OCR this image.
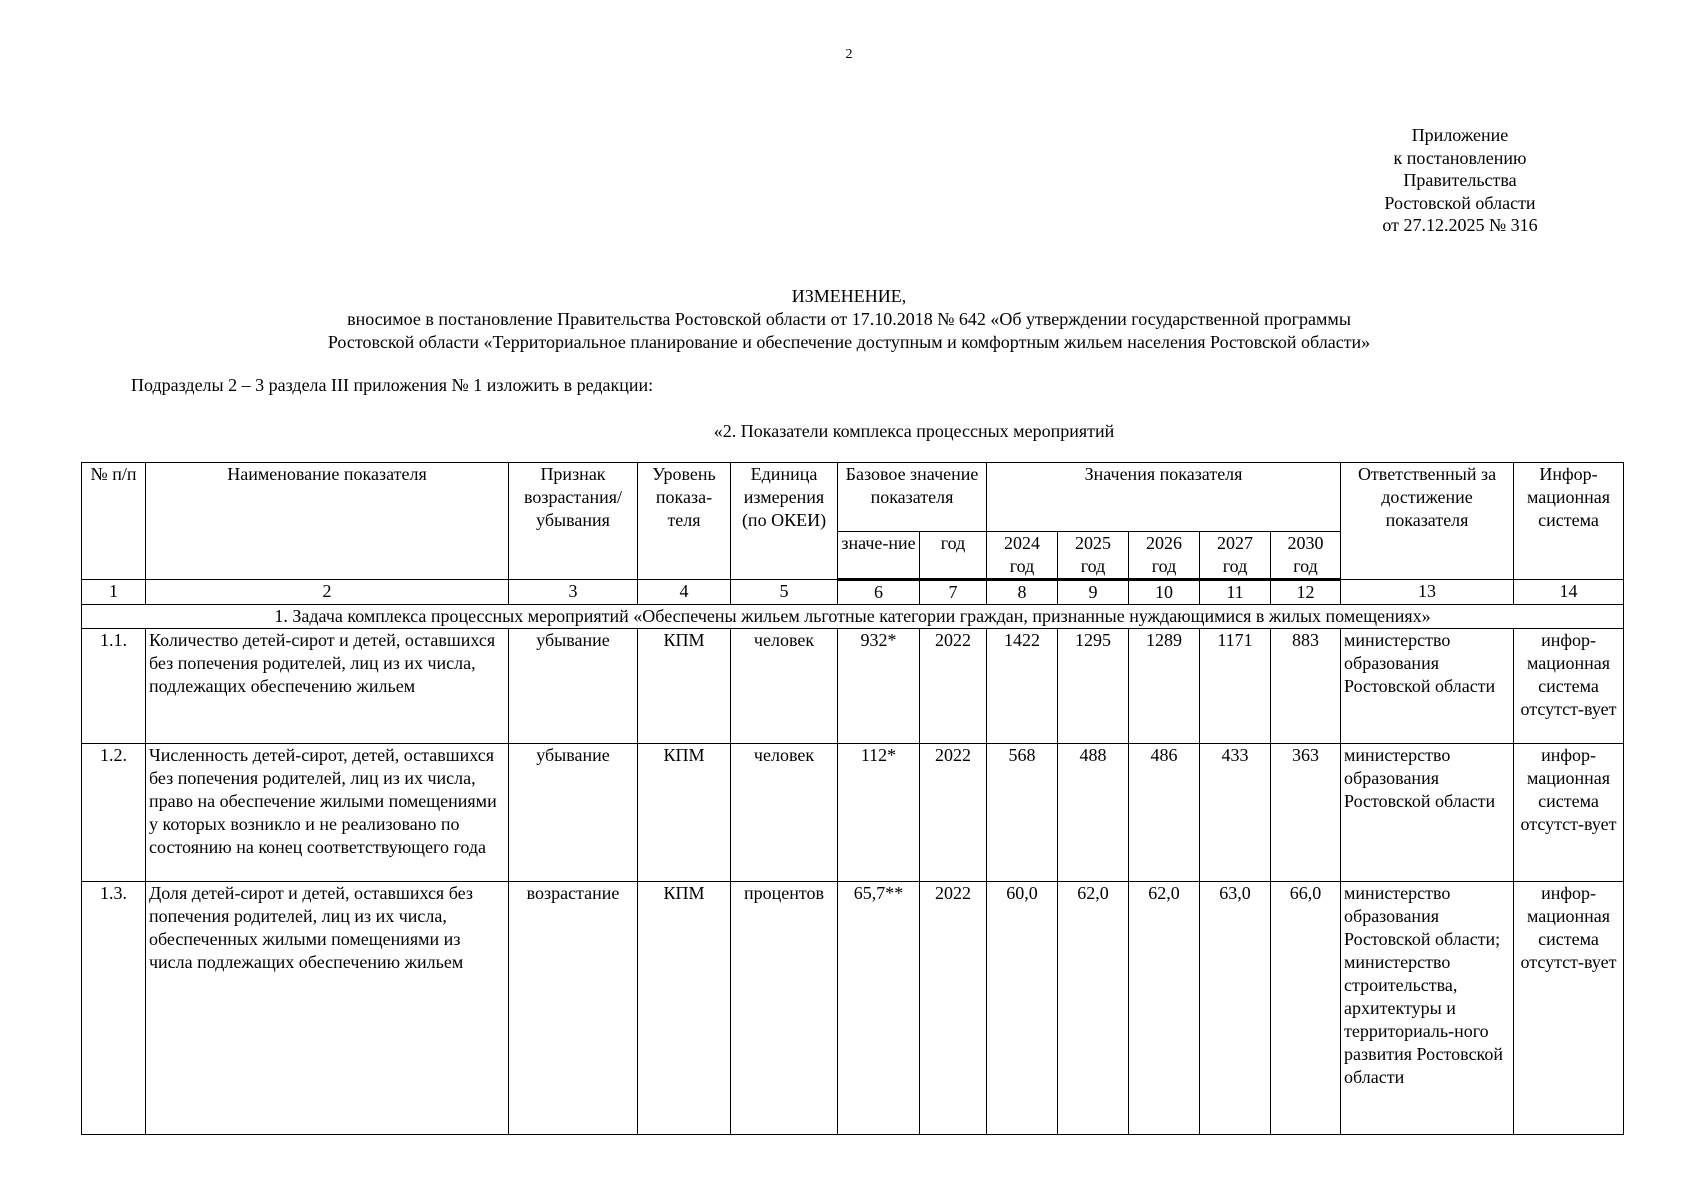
2
Приложение
к постановлению
Правительства
Ростовской области
от 27.12.2025 № 316
ИЗМЕНЕНИЕ,
вносимое в постановление Правительства Ростовской области от 17.10.2018 № 642 «Об утверждении государственной программы
Ростовской области «Территориальное планирование и обеспечение доступным и комфортным жильем населения Ростовской области»
Подразделы 2 – 3 раздела III приложения № 1 изложить в редакции:
«2. Показатели комплекса процессных мероприятий
№ п/п	Наименование показателя	Признак возрастания/ убывания	Уровень показа-теля	Единица измерения (по ОКЕИ)	Базовое значение показателя		Значения показателя					Ответственный за достижение показателя	Инфор-мационная система
					значе-ние	год	2024 год	2025 год	2026 год	2027 год	2030 год		
1	2	3	4	5	6	7	8	9	10	11	12	13	14
1. Задача комплекса процессных мероприятий «Обеспечены жильем льготные категории граждан, признанные нуждающимися в жилых помещениях»													
1.1.	Количество детей-сирот и детей, оставшихся без попечения родителей, лиц из их числа, подлежащих обеспечению жильем	убывание	КПМ	человек	932*	2022	1422	1295	1289	1171	883	министерство образования Ростовской области	инфор-мационная система отсутст-вует
1.2.	Численность детей-сирот, детей, оставшихся без попечения родителей, лиц из их числа, право на обеспечение жилыми помещениями у которых возникло и не реализовано по состоянию на конец соответствующего года	убывание	КПМ	человек	112*	2022	568	488	486	433	363	министерство образования Ростовской области	инфор-мационная система отсутст-вует
1.3.	Доля детей-сирот и детей, оставшихся без попечения родителей, лиц из их числа, обеспеченных жилыми помещениями из числа подлежащих обеспечению жильем	возрастание	КПМ	процентов	65,7**	2022	60,0	62,0	62,0	63,0	66,0	министерство образования Ростовской области; министерство строительства, архитектуры и территориаль-ного развития Ростовской области	инфор-мационная система отсутст-вует
